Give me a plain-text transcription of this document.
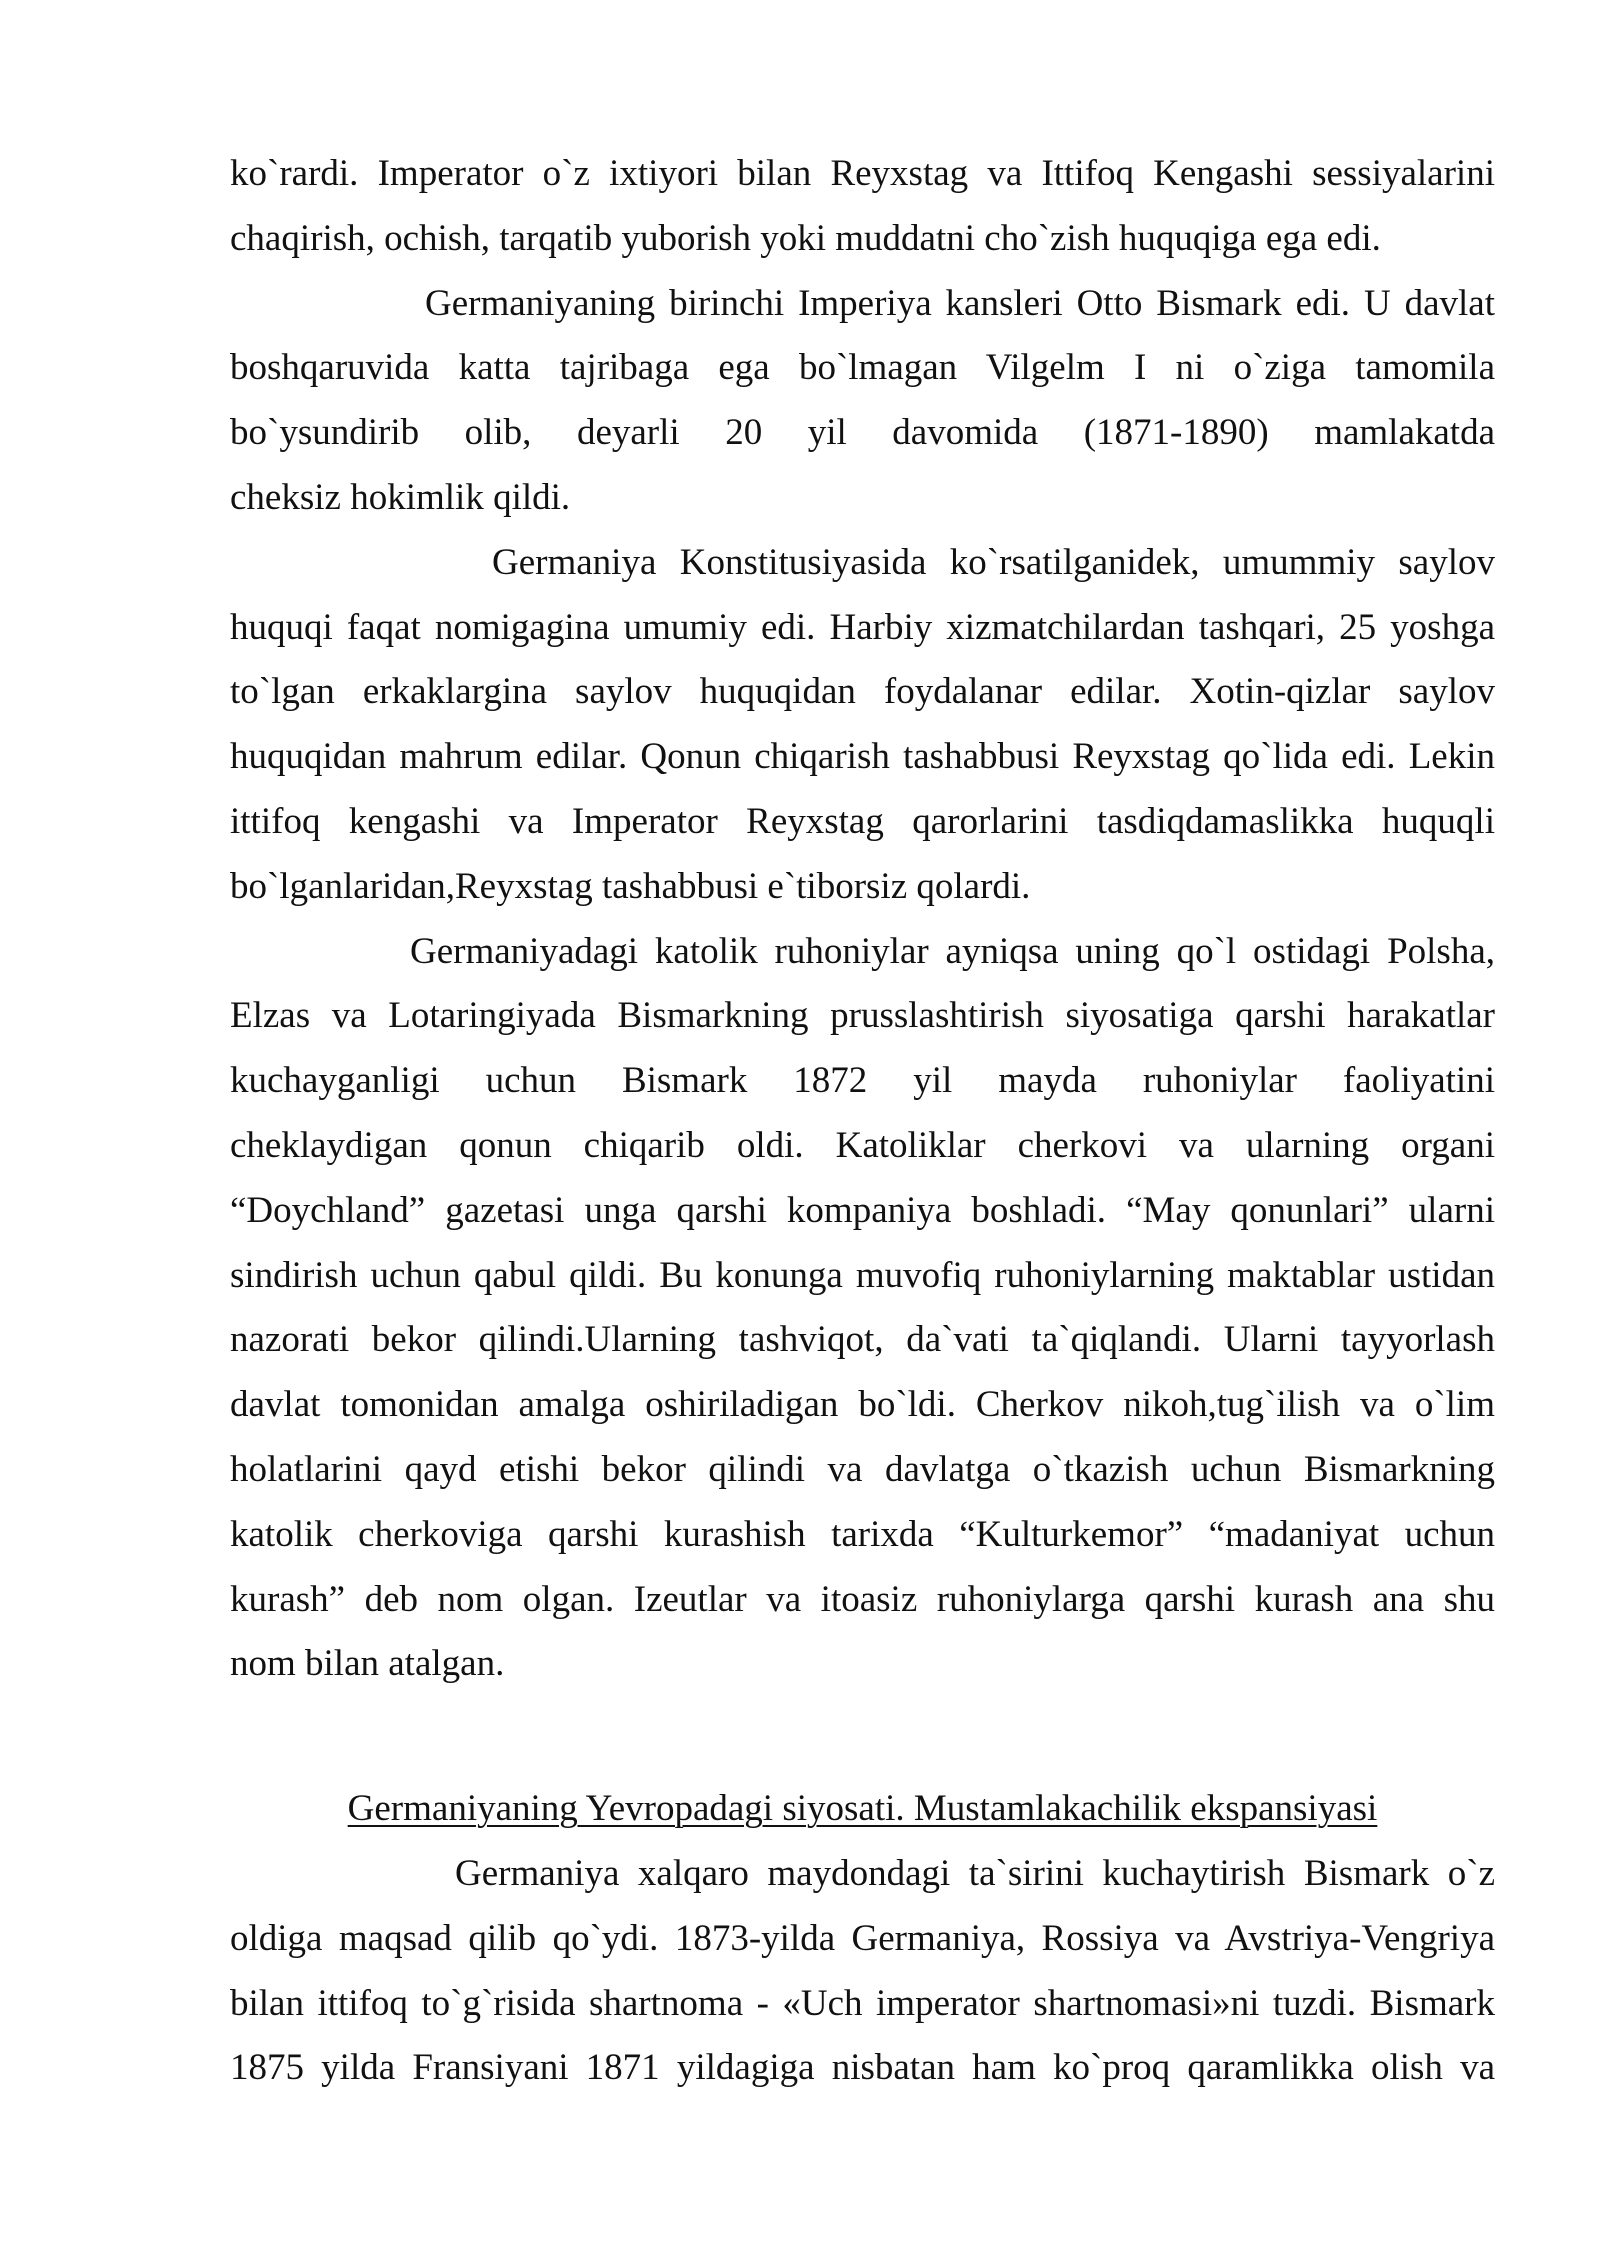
ko`rardi. Imperator o`z ixtiyori bilan Reyxstag va Ittifoq Kengashi sessiyalarini
chaqirish, ochish, tarqatib yuborish yoki muddatni cho`zish huquqiga ega edi.
Germaniyaning birinchi Imperiya kansleri Otto Bismark edi. U davlat
boshqaruvida katta tajribaga ega bo`lmagan Vilgelm I ni o`ziga tamomila
bo`ysundirib olib, deyarli 20 yil davomida (1871-1890) mamlakatda
cheksiz hokimlik qildi.
Germaniya Konstitusiyasida ko`rsatilganidek, umummiy saylov
huquqi faqat nomigagina umumiy edi. Harbiy xizmatchilardan tashqari, 25 yoshga
to`lgan erkaklargina saylov huquqidan foydalanar edilar. Xotin-qizlar saylov
huquqidan mahrum edilar. Qonun chiqarish tashabbusi Reyxstag qo`lida edi. Lekin
ittifoq kengashi va Imperator Reyxstag qarorlarini tasdiqdamaslikka huquqli
bo`lganlaridan,Reyxstag tashabbusi e`tiborsiz qolardi.
Germaniyadagi katolik ruhoniylar ayniqsa uning qo`l ostidagi Polsha,
Elzas va Lotaringiyada Bismarkning prusslashtirish siyosatiga qarshi harakatlar
kuchayganligi uchun Bismark 1872 yil mayda ruhoniylar faoliyatini
cheklaydigan qonun chiqarib oldi. Katoliklar cherkovi va ularning organi
“Doychland” gazetasi unga qarshi kompaniya boshladi. “May qonunlari” ularni
sindirish uchun qabul qildi. Bu konunga muvofiq ruhoniylarning maktablar ustidan
nazorati bekor qilindi.Ularning tashviqot, da`vati ta`qiqlandi. Ularni tayyorlash
davlat tomonidan amalga oshiriladigan bo`ldi. Cherkov nikoh,tug`ilish va o`lim
holatlarini qayd etishi bekor qilindi va davlatga o`tkazish uchun Bismarkning
katolik cherkoviga qarshi kurashish tarixda “Kulturkemor” “madaniyat uchun
kurash” deb nom olgan. Izeutlar va itoasiz ruhoniylarga qarshi kurash ana shu
nom bilan atalgan.
Germaniyaning Yevropadagi siyosati. Mustamlakachilik ekspansiyasi
Germaniya xalqaro maydondagi ta`sirini kuchaytirish Bismark o`z
oldiga maqsad qilib qo`ydi. 1873-yilda Germaniya, Rossiya va Avstriya-Vengriya
bilan ittifoq to`g`risida shartnoma - «Uch imperator shartnomasi»ni tuzdi. Bismark
1875 yilda Fransiyani 1871 yildagiga nisbatan ham ko`proq qaramlikka olish va
